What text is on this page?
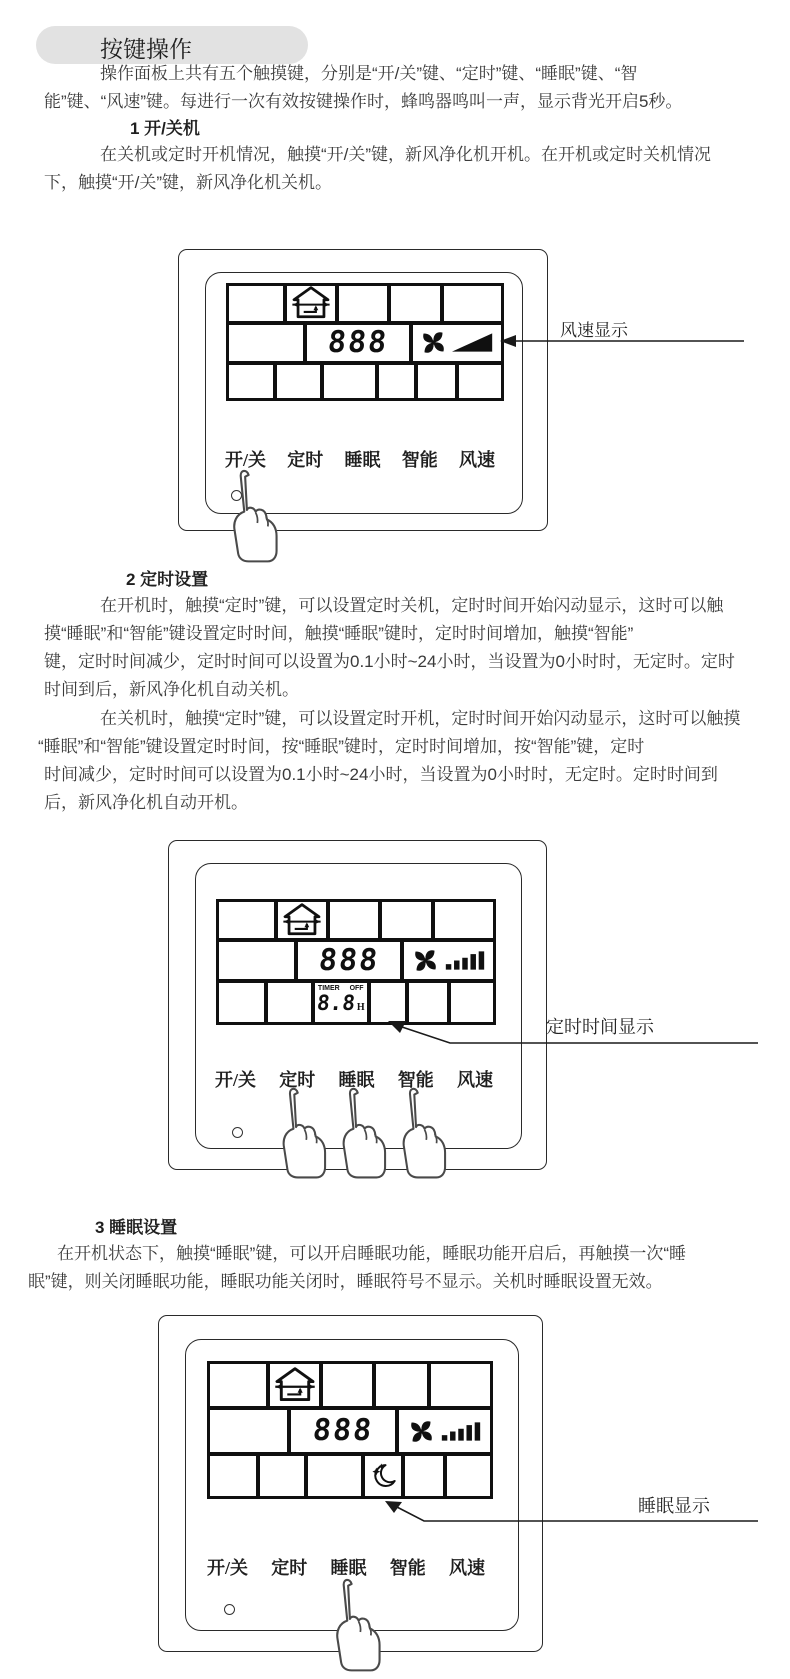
按键操作
操作面板上共有五个触摸键，分别是“开/关”键、“定时”键、“睡眠”键、“智
能”键、“风速”键。每进行一次有效按键操作时，蜂鸣器鸣叫一声，显示背光开启5秒。
1 开/关机
在关机或定时开机情况，触摸“开/关”键，新风净化机开机。在开机或定时关机情况
下，触摸“开/关”键，新风净化机关机。
888
开/关 定时 睡眠 智能 风速
风速显示
2 定时设置
在开机时，触摸“定时”键，可以设置定时关机，定时时间开始闪动显示，这时可以触
摸“睡眠”和“智能”键设置定时时间，触摸“睡眠”键时，定时时间增加，触摸“智能”
键，定时时间减少，定时时间可以设置为0.1小时~24小时，当设置为0小时时，无定时。定时
时间到后，新风净化机自动关机。
在关机时，触摸“定时”键，可以设置定时开机，定时时间开始闪动显示，这时可以触摸
“睡眠”和“智能”键设置定时时间，按“睡眠”键时，定时时间增加，按“智能”键，定时
时间减少，定时时间可以设置为0.1小时~24小时，当设置为0小时时，无定时。定时时间到
后，新风净化机自动开机。
888
TIMER OFF
8.8 H
开/关 定时 睡眠 智能 风速
定时时间显示
3 睡眠设置
在开机状态下，触摸“睡眠”键，可以开启睡眠功能，睡眠功能开启后，再触摸一次“睡
眠”键，则关闭睡眠功能，睡眠功能关闭时，睡眠符号不显示。关机时睡眠设置无效。
888
开/关 定时 睡眠 智能 风速
睡眠显示
